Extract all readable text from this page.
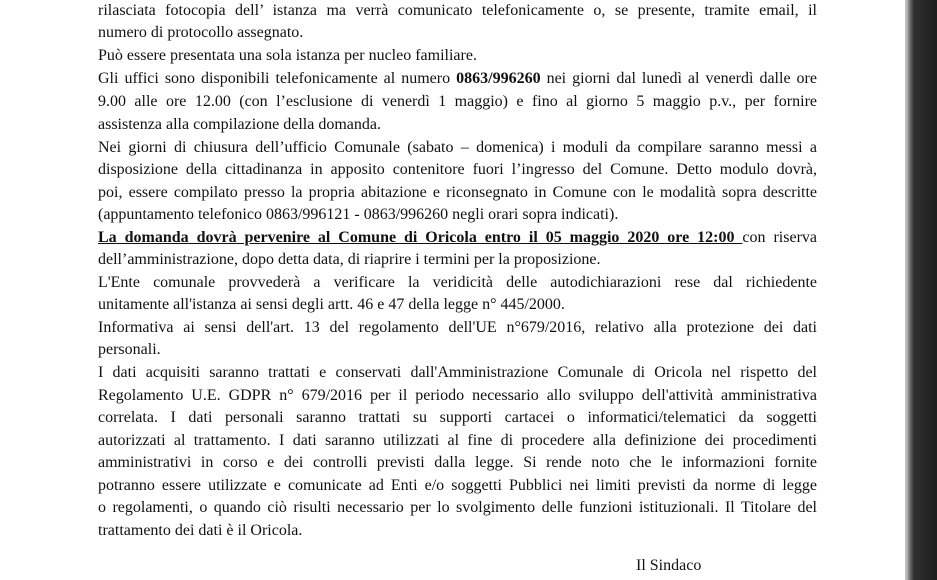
rilasciata fotocopia dell’ istanza ma verrà comunicato telefonicamente o, se presente, tramite email, il
numero di protocollo assegnato.
Può essere presentata una sola istanza per nucleo familiare.
Gli uffici sono disponibili telefonicamente al numero 0863/996260 nei giorni dal lunedì al venerdì dalle ore
9.00 alle ore 12.00 (con l’esclusione di venerdì 1 maggio) e fino al giorno 5 maggio p.v., per fornire
assistenza alla compilazione della domanda.
Nei giorni di chiusura dell’ufficio Comunale (sabato – domenica) i moduli da compilare saranno messi a
disposizione della cittadinanza in apposito contenitore fuori l’ingresso del Comune. Detto modulo dovrà,
poi, essere compilato presso la propria abitazione e riconsegnato in Comune con le modalità sopra descritte
(appuntamento telefonico 0863/996121 - 0863/996260 negli orari sopra indicati).
La domanda dovrà pervenire al Comune di Oricola entro il 05 maggio 2020 ore 12:00 con riserva
dell’amministrazione, dopo detta data, di riaprire i termini per la proposizione.
L'Ente comunale provvederà a verificare la veridicità delle autodichiarazioni rese dal richiedente
unitamente all'istanza ai sensi degli artt. 46 e 47 della legge n° 445/2000.
Informativa ai sensi dell'art. 13 del regolamento dell'UE n°679/2016, relativo alla protezione dei dati
personali.
I dati acquisiti saranno trattati e conservati dall'Amministrazione Comunale di Oricola nel rispetto del
Regolamento U.E. GDPR n° 679/2016 per il periodo necessario allo sviluppo dell'attività amministrativa
correlata. I dati personali saranno trattati su supporti cartacei o informatici/telematici da soggetti
autorizzati al trattamento. I dati saranno utilizzati al fine di procedere alla definizione dei procedimenti
amministrativi in corso e dei controlli previsti dalla legge. Si rende noto che le informazioni fornite
potranno essere utilizzate e comunicate ad Enti e/o soggetti Pubblici nei limiti previsti da norme di legge
o regolamenti, o quando ciò risulti necessario per lo svolgimento delle funzioni istituzionali. Il Titolare del
trattamento dei dati è il Oricola.
Il Sindaco
